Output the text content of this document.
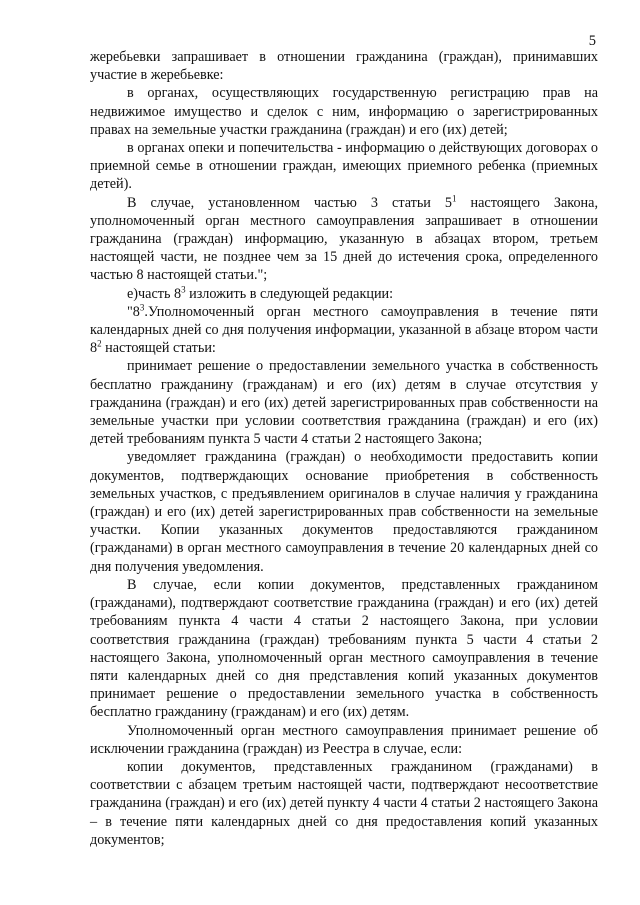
5

жеребьевки запрашивает в отношении гражданина (граждан), принимавших участие в жеребьевке:

в органах, осуществляющих государственную регистрацию прав на недвижимое имущество и сделок с ним, информацию о зарегистрированных правах на земельные участки гражданина (граждан) и его (их) детей;

в органах опеки и попечительства - информацию о действующих договорах о приемной семье в отношении граждан, имеющих приемного ребенка (приемных детей).

В случае, установленном частью 3 статьи $5^1$ настоящего Закона, уполномоченный орган местного самоуправления запрашивает в отношении гражданина (граждан) информацию, указанную в абзацах втором, третьем настоящей части, не позднее чем за 15 дней до истечения срока, определенного частью 8 настоящей статьи.";

е)часть $8^3$ изложить в следующей редакции:

"$8^3.Уполномоченный$ орган местного самоуправления в течение пяти календарных дней со дня получения информации, указанной в абзаце втором части $8^2$ настоящей статьи:

принимает решение о предоставлении земельного участка в собственность бесплатно гражданину (гражданам) и его (их) детям в случае отсутствия у гражданина (граждан) и его (их) детей зарегистрированных прав собственности на земельные участки при условии соответствия гражданина (граждан) и его (их) детей требованиям пункта 5 части 4 статьи 2 настоящего Закона;

уведомляет гражданина (граждан) о необходимости предоставить копии документов, подтверждающих основание приобретения в собственность земельных участков, с предъявлением оригиналов в случае наличия у гражданина (граждан) и его (их) детей зарегистрированных прав собственности на земельные участки. Копии указанных документов предоставляются гражданином (гражданами) в орган местного самоуправления в течение 20 календарных дней со дня получения уведомления.

В случае, если копии документов, представленных гражданином (гражданами), подтверждают соответствие гражданина (граждан) и его (их) детей требованиям пункта 4 части 4 статьи 2 настоящего Закона, при условии соответствия гражданина (граждан) требованиям пункта 5 части 4 статьи 2 настоящего Закона, уполномоченный орган местного самоуправления в течение пяти календарных дней со дня представления копий указанных документов принимает решение о предоставлении земельного участка в собственность бесплатно гражданину (гражданам) и его (их) детям.

Уполномоченный орган местного самоуправления принимает решение об исключении гражданина (граждан) из Реестра в случае, если:

копии документов, представленных гражданином (гражданами) в соответствии с абзацем третьим настоящей части, подтверждают несоответствие гражданина (граждан) и его (их) детей пункту 4 части 4 статьи 2 настоящего Закона – в течение пяти календарных дней со дня предоставления копий указанных документов;
